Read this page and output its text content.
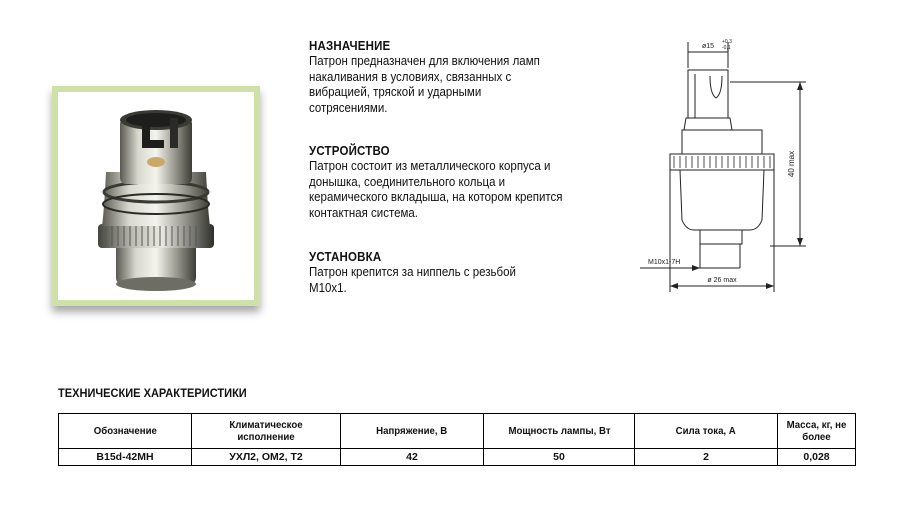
НАЗНАЧЕНИЕ

Патрон предназначен для включения ламп накаливания в условиях, связанных с вибрацией, тряской и ударными сотрясениями.

УСТРОЙСТВО

Патрон состоит из металлического корпуса и донышка, соединительного кольца и керамического вкладыша, на котором крепится контактная система.

УСТАНОВКА

Патрон крепится за ниппель с резьбой М10х1.

ø15
+0,3
-0,1
40 max
M10x1-7H
ø 26 max
ТЕХНИЧЕСКИЕ ХАРАКТЕРИСТИКИ
Обозначение	Климатическое исполнение	Напряжение, В	Мощность лампы, Вт	Сила тока, А	Масса, кг, не более
B15d-42МН	УХЛ2, ОМ2, Т2	42	50	2	0,028
